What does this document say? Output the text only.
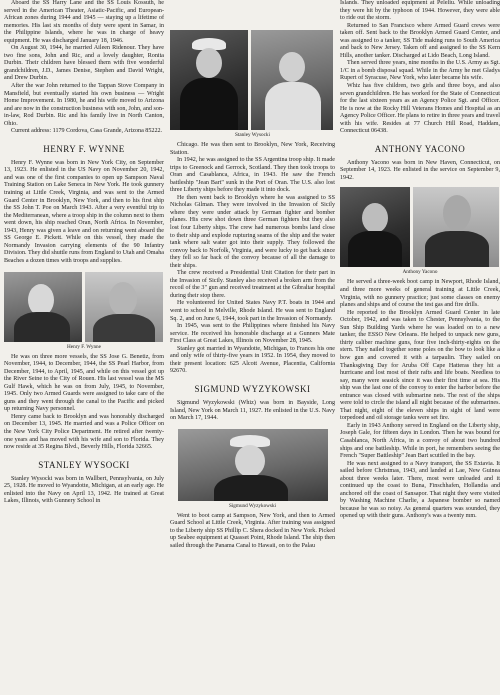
Aboard the SS Harry Lane and the SS Louis Kossuth, he served in the American Theater, Asiatic-Pacific, and European-African zones during 1944 and 1945 — staying up a lifetime of memories. His last six months of duty were spent in Samar, in the Philippine Islands, where he was in charge of heavy equipment. He was discharged January 18, 1946.

On August 30, 1944, he married Aileen Ridenour. They have two fine sons, John and Ric, and a lovely daughter, Ronita Durbin. Their children have blessed them with five wonderful grandchildren, J.D., James Denise, Stephen and David Wright, and Drew Durbin.

After the war John returned to the Tappan Stove Company in Mansfield, but eventually started his own business — Wright Home Improvement. In 1980, he and his wife moved to Arizona and are now in the construction business with son, John, and son-in-law, Rod Durbin. Ric and his family live in North Canton, Ohio.

Current address: 1179 Cordova, Casa Grande, Arizona 85222.

HENRY F. WYNNE

Henry F. Wynne was born in New York City, on September 13, 1923. He enlisted in the US Navy on November 20, 1942, and was one of the first companies to open up Sampson Naval Training Station on Lake Seneca in New York. He took gunnery training at Little Creek, Virginia, and was sent to the Armed Guard Center in Brooklyn, New York, and then to his first ship the SS John T. Poe on March 1943. After a very eventful trip to the Mediterranean, where a troop ship in the column next to them went down, his ship reached Oran, North Africa. In November, 1943, Henry was given a leave and on returning went aboard the SS George E. Pickett. While on this vessel, they made the Normandy Invasion carrying elements of the 90 Infantry Division. They did shuttle runs from England to Utah and Omaha Beaches a dozen times with troops and supplies.

Henry F. Wynne

He was on three more vessels, the SS Jose G. Benetiz, from November, 1944, to December, 1944, the SS Pearl Harbor, from December, 1944, to April, 1945, and while on this vessel got up the River Seine to the City of Rouen. His last vessel was the MS Gulf Hawk, which he was on from July, 1945, to November, 1945. Only two Armed Guards were assigned to take care of the guns and they went through the canal to the Pacific and picked up returning Navy personnel.

Henry came back to Brooklyn and was honorably discharged on December 13, 1945. He married and was a Police Officer on the New York City Police Department. He retired after twenty-one years and has moved with his wife and son to Florida. They now reside at 35 Regina Blvd., Beverly Hills, Florida 32665.

STANLEY WYSOCKI

Stanley Wysocki was born in Wallbert, Pennsylvania, on July 25, 1928. He moved to Wyandotte, Michigan, at an early age. He enlisted into the Navy on April 13, 1942. He trained at Great Lakes, Illinois, with Gunnery School in

Stanley Wysocki

Chicago. He was then sent to Brooklyn, New York, Receiving Station.

In 1942, he was assigned to the SS Argentina troop ship. It made trips to Greenock and Gerrock, Scotland. They then took troops to Oran and Casablanca, Africa, in 1943. He saw the French battleship "Jean Bart" sunk in the Port of Oran. The U.S. also lost three Liberty ships before they made it into dock.

He then went back to Brooklyn where he was assigned to SS Nicholas Gilman. They were involved in the Invasion of Sicily where they were under attack by German fighter and bomber planes. His crew shot down three German fighters but they also lost four Liberty ships. The crew had numerous bombs land close to their ship and explode rupturing seams of the ship and the water tank where salt water got into their supply. They followed the convoy back to Norfolk, Virginia, and were lucky to get back since they fell so far back of the convoy because of all the damage to their ships.

The crew received a Presidential Unit Citation for their part in the Invasion of Sicily. Stanley also received a broken arm from the recoil of the 3" gun and received treatment at the Gibraltar hospital during their stop there.

He volunteered for United States Navy P.T. boats in 1944 and went to school in Melville, Rhode Island. He was sent to England Sq. 2, and on June 6, 1944, took part in the Invasion of Normandy.

In 1945, was sent to the Philippines where finished his Navy service. He received his honorable discharge at a Gunners Mate First Class at Great Lakes, Illinois on November 28, 1945.

Stanley got married in Wyandotte, Michigan, to Frances his one and only wife of thirty-five years in 1952. In 1954, they moved to their present location: 625 Alcott Avenue, Placentia, California 92670.

SIGMUND WYZYKOWSKI

Sigmund Wyzykowski (Whiz) was born in Bayside, Long Island, New York on March 11, 1927. He enlisted in the U.S. Navy on March 17, 1944.

Sigmund Wyzykowski

Went to boot camp at Sampson, New York, and then to Armed Guard School at Little Creek, Virginia. After training was assigned to the Liberty ship SS Phillip C. Shera docked in New York. Picked up Seabee equipment at Quasset Point, Rhode Island. The ship then sailed through the Panama Canal to Hawaii, on to the Palau

Islands. They unloaded equipment at Peleliu. While unloading they were hit by the typhoon of 1944. However, they were able to ride out the storm.

Returned to San Francisco where Armed Guard crews were taken off. Sent back to the Brooklyn Armed Guard Center, and was assigned to a tanker, SS Tide making runs to South America and back to New Jersey. Taken off and assigned to the SS Kern Hills, another tanker. Discharged at Lido Beach, Long Island.

Then served three years, nine months in the U.S. Army as Sgt. 1/C in a bomb disposal squad. While in the Army he met Gladys Rupert of Syracuse, New York, who later became his wife.

Whiz has five children, two girls and three boys, and also seven grandchildren. He has worked for the State of Connecticut for the last sixteen years as an Agency Police Sgt. and Officer. He is now at the Rocky Hill Veterans Homes and Hospital as an Agency Police Officer. He plans to retire in three years and travel with his wife. Resides at 77 Church Hill Road, Haddam, Connecticut 06438.

ANTHONY YACONO

Anthony Yacono was born in New Haven, Connecticut, on September 14, 1923. He enlisted in the service on September 9, 1942.

Anthony Yacono

He served a three-week boot camp in Newport, Rhode Island, and three more weeks of general training at Little Creek, Virginia, with no gunnery practice; just some classes on enemy planes and ships and of course the test gas and fire drills.

He reported to the Brooklyn Armed Guard Center in late October, 1942, and was taken to Chester, Pennsylvania, to the Sun Ship Building Yards where he was loaded on to a new tanker, the ESSO New Orleans. He helped to unpack new guns, thirty caliber machine guns, four five inch-thirty-eights on the stern. They nailed together some poles on the bow to look like a bow gun and covered it with a tarpaulin. They sailed on Thanksgiving Day for Aruba Off Cape Hatteras they hit a hurricane and lost most of their rafts and life boats. Needless to say, many were seasick since it was their first time at sea. His ship was the last one of the convoy to enter the harbor before the entrance was closed with submarine nets. The rest of the ships were told to circle the island all night because of the submarines. That night, eight of the eleven ships in sight of land were torpedoed and oil storage tanks were set fire.

Early in 1943 Anthony served in England on the Liberty ship, Joseph Gale, for fifteen days in London. Then he was bound for Casablanca, North Africa, in a convoy of about two hundred ships and one battleship. While in port, he remembers seeing the French "Super Battleship" Jean Bart scuttled in the bay.

He was next assigned to a Navy transport, the SS Extavia. It sailed before Christmas, 1943, and landed at Lae, New Guinea about three weeks later. There, most were unloaded and it continued up the coast to Buna, Finschhafen, Hollandia and anchored off the coast of Sansapor. That night they were visited by Washing Machine Charlie, a Japanese bomber so named because he was so noisy. As general quarters was sounded, they opened up with their guns. Anthony's was a twenty mm.
